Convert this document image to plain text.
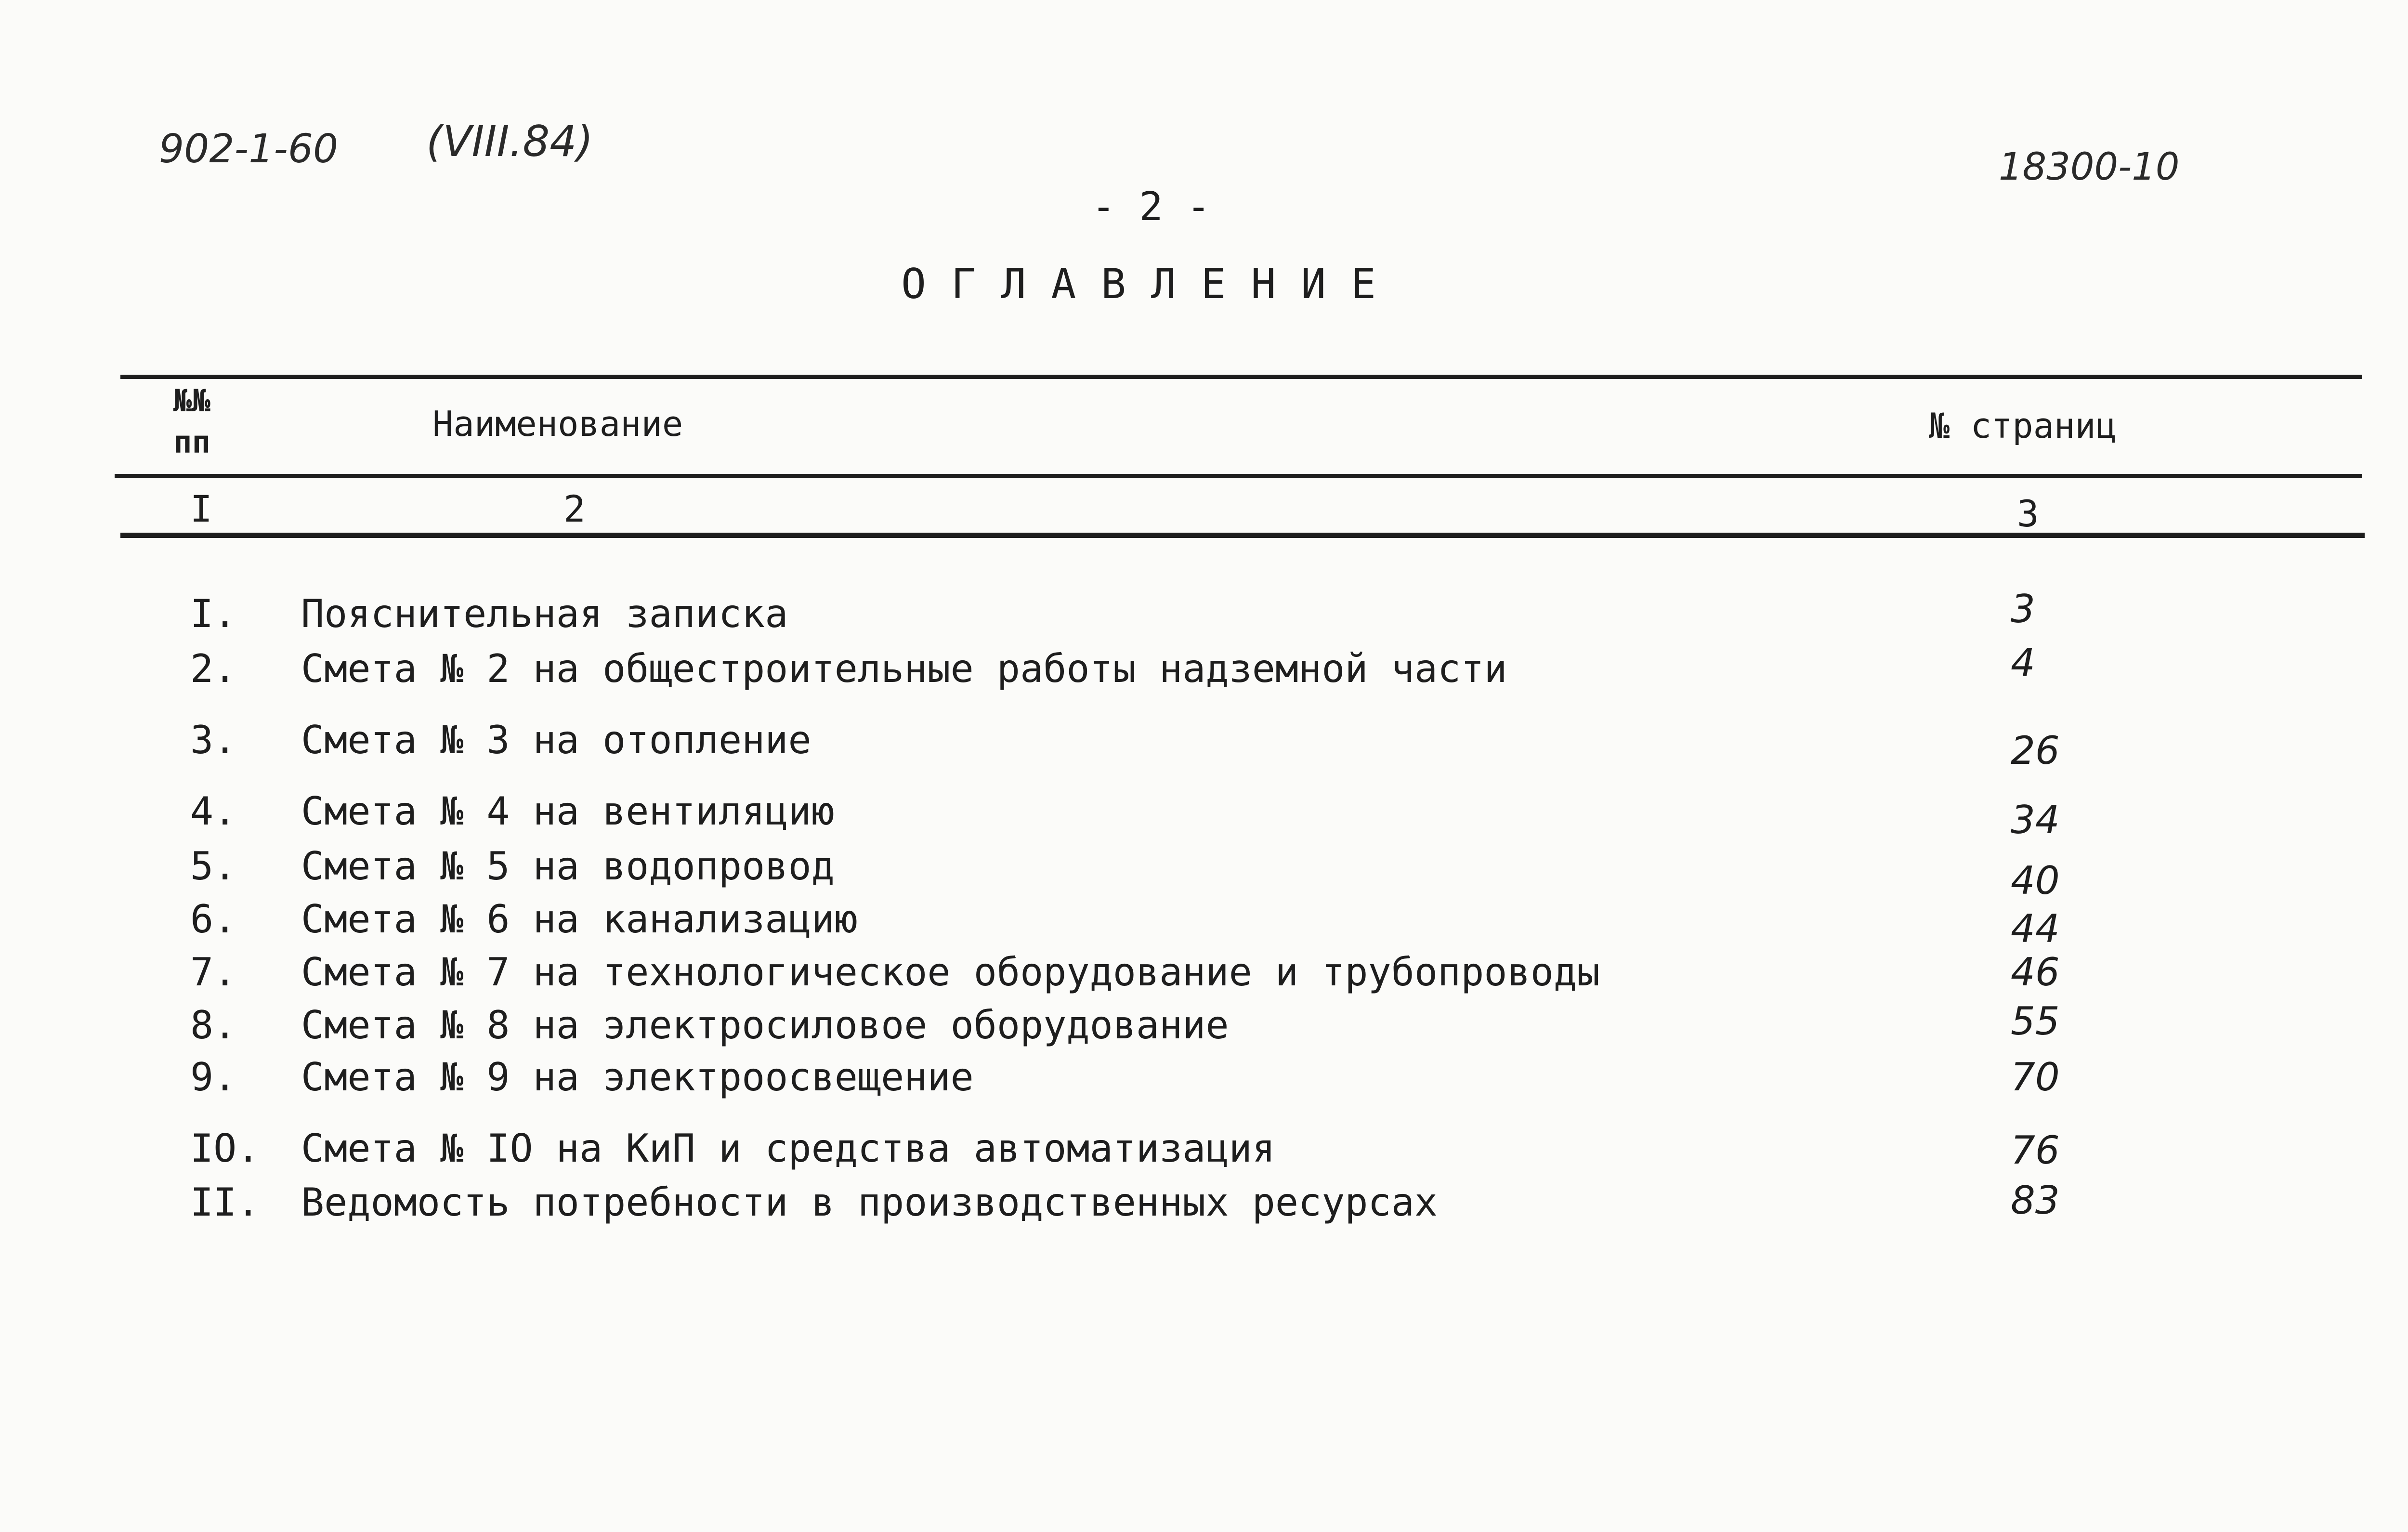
902-1-60 (VIII.84)
18300-10
- 2 -
ОГЛАВЛЕНИЕ
№№
пп	Наименование	№ страниц
I	2	3
I. Пояснительная записка	3
2. Смета № 2 на общестроительные работы надземной части	4
3. Смета № 3 на отопление	26
4. Смета № 4 на вентиляцию	34
5. Смета № 5 на водопровод	40
6. Смета № 6 на канализацию	44
7. Смета № 7 на технологическое оборудование и трубопроводы	46
8. Смета № 8 на электросиловое оборудование	55
9. Смета № 9 на электроосвещение	70
IO. Смета № IO на КиП и средства автоматизация	76
II. Ведомость потребности в производственных ресурсах	83
